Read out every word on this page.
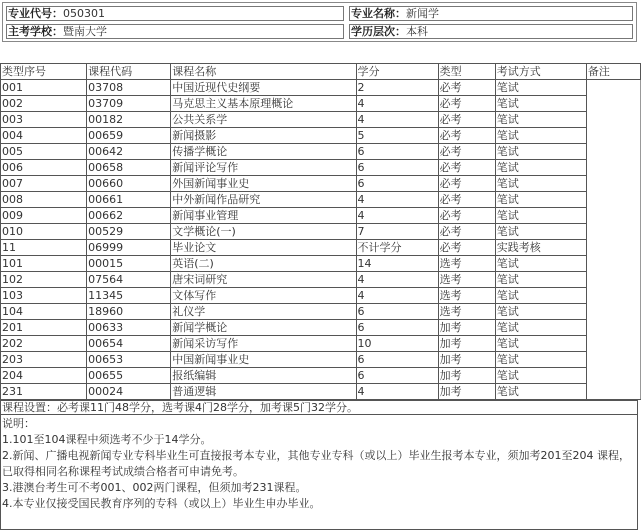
专业代号：050301	专业名称：新闻学
主考学校：暨南大学	学历层次：本科
类型序号	课程代码	课程名称	学分	类型	考试方式	备注
001	03708	中国近现代史纲要	2	必考	笔试	
002	03709	马克思主义基本原理概论	4	必考	笔试	
003	00182	公共关系学	4	必考	笔试	
004	00659	新闻摄影	5	必考	笔试	
005	00642	传播学概论	6	必考	笔试	
006	00658	新闻评论写作	6	必考	笔试	
007	00660	外国新闻事业史	6	必考	笔试	
008	00661	中外新闻作品研究	4	必考	笔试	
009	00662	新闻事业管理	4	必考	笔试	
010	00529	文学概论(一)	7	必考	笔试	
11	06999	毕业论文	不计学分	必考	实践考核	
101	00015	英语(二)	14	选考	笔试	
102	07564	唐宋词研究	4	选考	笔试	
103	11345	文体写作	4	选考	笔试	
104	18960	礼仪学	6	选考	笔试	
201	00633	新闻学概论	6	加考	笔试	
202	00654	新闻采访写作	10	加考	笔试	
203	00653	中国新闻事业史	6	加考	笔试	
204	00655	报纸编辑	6	加考	笔试	
231	00024	普通逻辑	4	加考	笔试	
课程设置：必考课11门48学分，选考课4门28学分，加考课5门32学分。
说明：
1.101至104课程中须选考不少于14学分。
2.新闻、广播电视新闻专业专科毕业生可直接报考本专业，其他专业专科（或以上）毕业生报考本专业，须加考201至204 课程，已取得相同名称课程考试成绩合格者可申请免考。
3.港澳台考生可不考001、002两门课程，但须加考231课程。
4.本专业仅接受国民教育序列的专科（或以上）毕业生申办毕业。
